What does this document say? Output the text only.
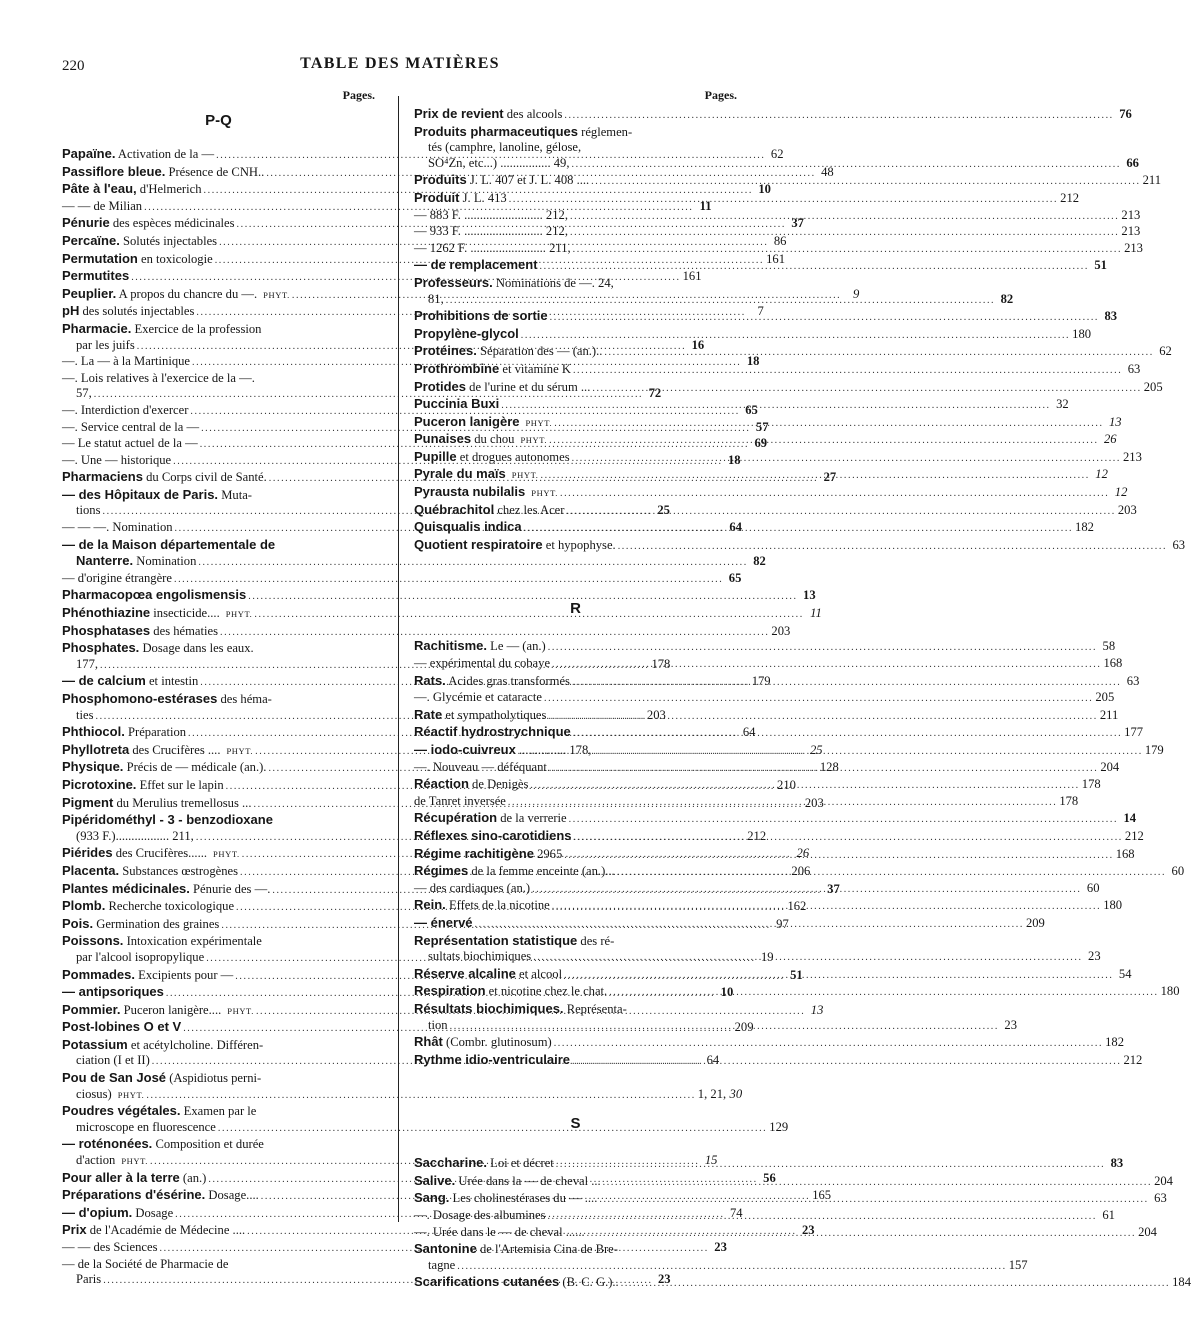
220	TABLE DES MATIÈRES
Pages.
P-Q
Papaïne. Activation de la — .....	62
Passiflore bleue. Présence de CNH.. .....	48
Pâte à l'eau, d'Helmerich .....	10
— — de Milian .....	11
Pénurie des espèces médicinales .....	37
Percaïne. Solutés injectables .....	86
Permutation en toxicologie .....	161
Permutites .....	161
Peuplier. A propos du chancre du —. PHYT. .....	9
pH des solutés injectables .....	7
Pharmacie. Exercice de la profession
par les juifs .....	16
—. La — à la Martinique .....	18
—. Lois relatives à l'exercice de la —.
57, .....	72
—. Interdiction d'exercer .....	65
—. Service central de la — .....	57
— Le statut actuel de la — .....	69
—. Une — historique .....	18
Pharmaciens du Corps civil de Santé. .....	27
— des Hôpitaux de Paris. Muta-
tions .....	25
— — —. Nomination .....	64
— de la Maison départementale de
Nanterre. Nomination .....	82
— d'origine étrangère .....	65
Pharmacopœa engolismensis .....	13
Phénothiazine insecticide.... PHYT. .....	11
Phosphatases des hématies .....	203
Phosphates. Dosage dans les eaux.
177, .....	178
— de calcium et intestin .....	179
Phosphomono-estérases des héma-
ties .....	203
Phthiocol. Préparation .....	64
Phyllotreta des Crucifères .... PHYT. .....	25
Physique. Précis de — médicale (an.). .....	128
Picrotoxine. Effet sur le lapin .....	210
Pigment du Merulius tremellosus ... .....	203
Pipéridométhyl - 3 - benzodioxane
(933 F.)................. 211, .....	212
Piérides des Crucifères...... PHYT. .....	26
Placenta. Substances œstrogènes .....	206
Plantes médicinales. Pénurie des —. .....	37
Plomb. Recherche toxicologique .....	162
Pois. Germination des graines .....	97
Poissons. Intoxication expérimentale
par l'alcool isopropylique .....	19
Pommades. Excipients pour — .....	51
— antipsoriques .....	10
Pommier. Puceron lanigère.... PHYT. .....	13
Post-lobines O et V .....	209
Potassium et acétylcholine. Différen-
ciation (I et II) .....	64
Pou de San José (Aspidiotus perni-
ciosus) PHYT. .....	1, 21, 30
Poudres végétales. Examen par le
microscope en fluorescence .....	129
— roténonées. Composition et durée
d'action PHYT. .....	15
Pour aller à la terre (an.) .....	56
Préparations d'ésérine. Dosage.... .....	165
— d'opium. Dosage .....	74
Prix de l'Académie de Médecine .... .....	23
— — des Sciences .....	23
— de la Société de Pharmacie de
Paris .....	23
Pages.
Prix de revient des alcools .....	76
Produits pharmaceutiques réglemen-
tés (camphre, lanoline, gélose,
SO⁴Zn, etc...) ................ 49, .....	66
Produits J. L. 407 et J. L. 408 .... .....	211
Produit J. L. 413 .....	212
— 883 F. ......................... 212, .....	213
— 933 F. ......................... 212, .....	213
— 1262 F. ........................ 211, .....	213
— de remplacement .....	51
Professeurs. Nominations de —. 24,
81, .....	82
Prohibitions de sortie .....	83
Propylène-glycol .....	180
Protéines. Séparation des — (an.).. .....	62
Prothrombine et vitamine K .....	63
Protides de l'urine et du sérum ... .....	205
Puccinia Buxi .....	32
Puceron lanigère PHYT. .....	13
Punaises du chou PHYT. .....	26
Pupille et drogues autonomes .....	213
Pyrale du maïs PHYT. .....	12
Pyrausta nubilalis PHYT. .....	12
Québrachitol chez les Acer .....	203
Quisqualis indica .....	182
Quotient respiratoire et hypophyse. .....	63
R
Rachitisme. Le — (an.) .....	58
— expérimental du cobaye .....	168
Rats. Acides gras transformés .....	63
—. Glycémie et cataracte .....	205
Rate et sympatholytiques .....	211
Réactif hydrostrychnique .....	177
— iodo-cuivreux ............... 178, .....	179
—. Nouveau — déféquant .....	204
Réaction de Denigès .....	178
de Tanret inversée .....	178
Récupération de la verrerie .....	14
Réflexes sino-carotidiens .....	212
Régime rachitigène 2965 .....	168
Régimes de la femme enceinte (an.)... .....	60
— des cardiaques (an.) .....	60
Rein. Effets de la nicotine .....	180
— énervé .....	209
Représentation statistique des ré-
sultats biochimiques .....	23
Réserve alcaline et alcool .....	54
Respiration et nicotine chez le chat. .....	180
Résultats biochimiques. Représenta-
tion .....	23
Rhât (Combr. glutinosum) .....	182
Rythme idio-ventriculaire .....	212
S
Saccharine. Loi et décret .....	83
Salive. Urée dans la — de cheval ... .....	204
Sang. Les cholinestérases du — .... .....	63
—. Dosage des albumines .....	61
—. Urée dans le — de cheval ...... .....	204
Santonine de l'Artemisia Cina de Bre-
tagne .....	157
Scarifications cutanées (B. C. G.).. .....	184
